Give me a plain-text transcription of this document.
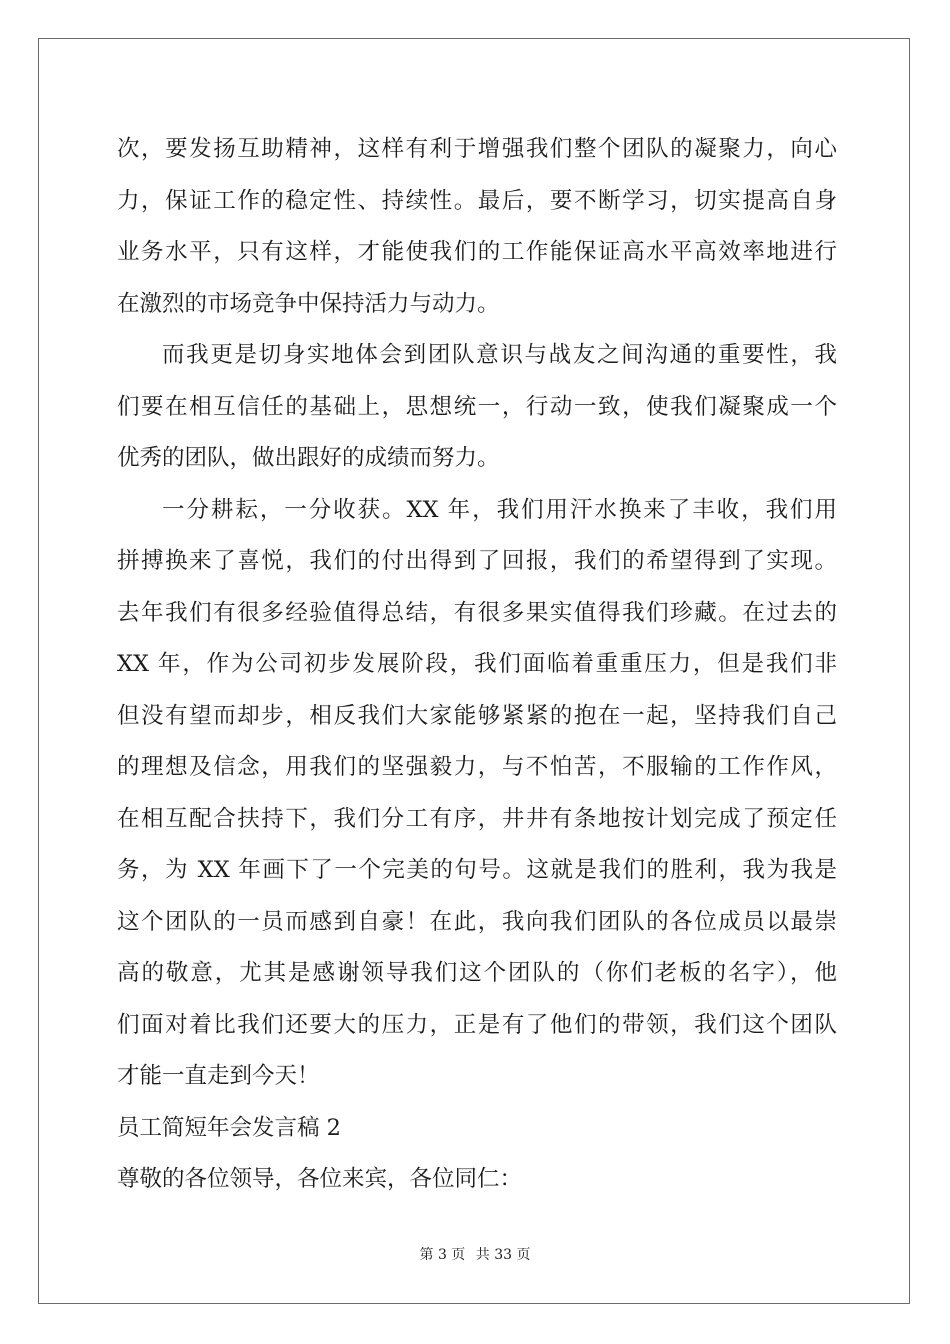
次，要发扬互助精神，这样有利于增强我们整个团队的凝聚力，向心
力，保证工作的稳定性、持续性。最后，要不断学习，切实提高自身
业务水平，只有这样，才能使我们的工作能保证高水平高效率地进行
在激烈的市场竞争中保持活力与动力。
而我更是切身实地体会到团队意识与战友之间沟通的重要性，我
们要在相互信任的基础上，思想统一，行动一致，使我们凝聚成一个
优秀的团队，做出跟好的成绩而努力。
一分耕耘，一分收获。XX 年，我们用汗水换来了丰收，我们用
拼搏换来了喜悦，我们的付出得到了回报，我们的希望得到了实现。
去年我们有很多经验值得总结，有很多果实值得我们珍藏。在过去的
XX 年，作为公司初步发展阶段，我们面临着重重压力，但是我们非
但没有望而却步，相反我们大家能够紧紧的抱在一起，坚持我们自己
的理想及信念，用我们的坚强毅力，与不怕苦，不服输的工作作风，
在相互配合扶持下，我们分工有序，井井有条地按计划完成了预定任
务，为 XX 年画下了一个完美的句号。这就是我们的胜利，我为我是
这个团队的一员而感到自豪！在此，我向我们团队的各位成员以最崇
高的敬意，尤其是感谢领导我们这个团队的（你们老板的名字），他
们面对着比我们还要大的压力，正是有了他们的带领，我们这个团队
才能一直走到今天！
员工简短年会发言稿 2
尊敬的各位领导，各位来宾，各位同仁：
第 3 页 共 33 页
